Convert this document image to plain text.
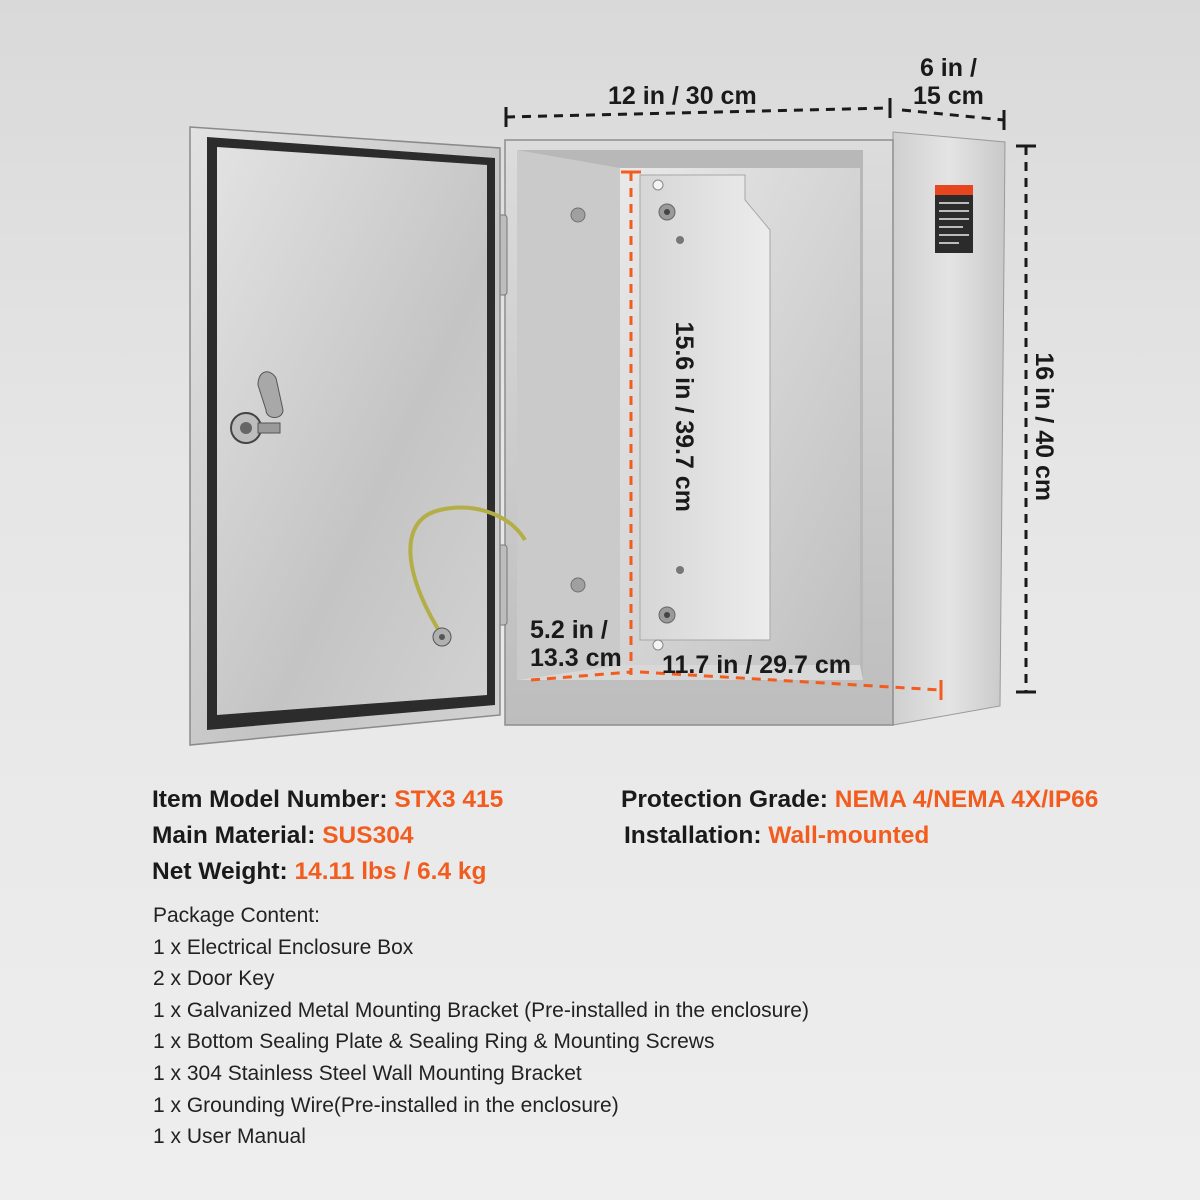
12 in / 30 cm
6 in /
15 cm
16 in / 40 cm
15.6 in / 39.7 cm
5.2 in /
13.3 cm 11.7 in / 29.7 cm
Item Model Number: STX3 415
Main Material: SUS304
Net Weight: 14.11 lbs / 6.4 kg
Protection Grade: NEMA 4/NEMA 4X/IP66
Installation: Wall-mounted
Package Content:
1 x Electrical Enclosure Box
2 x Door Key
1 x Galvanized Metal Mounting Bracket (Pre-installed in the enclosure)
1 x Bottom Sealing Plate & Sealing Ring & Mounting Screws
1 x 304 Stainless Steel Wall Mounting Bracket
1 x Grounding Wire(Pre-installed in the enclosure)
1 x User Manual
